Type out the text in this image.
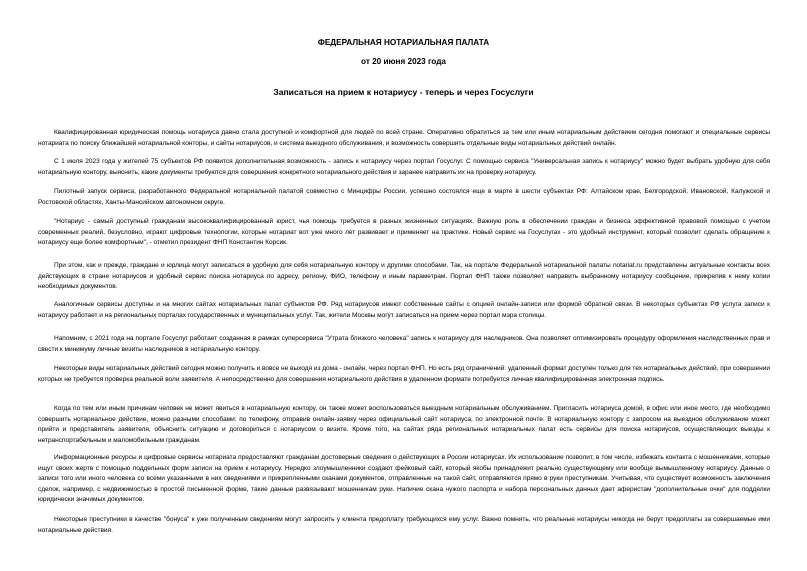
ФЕДЕРАЛЬНАЯ НОТАРИАЛЬНАЯ ПАЛАТА
от 20 июня 2023 года
Записаться на прием к нотариусу - теперь и через Госуслуги

Квалифицированная юридическая помощь нотариуса давно стала доступной и комфортной для людей по всей стране. Оперативно обратиться за тем или иным нотариальным действием сегодня помогают и специальные сервисы нотариата по поиску ближайшей нотариальной конторы, и сайты нотариусов, и система выездного обслуживания, и возможность совершить отдельные виды нотариальных действий онлайн.

С 1 июля 2023 года у жителей 75 субъектов РФ появится дополнительная возможность - запись к нотариусу через портал Госуслуг. С помощью сервиса "Универсальная запись к нотариусу" можно будет выбрать удобную для себя нотариальную контору, выяснить, какие документы требуются для совершения конкретного нотариального действия и заранее направить их на проверку нотариусу.

Пилотный запуск сервиса, разработанного Федеральной нотариальной палатой совместно с Минцифры России, успешно состоялся еще в марте в шести субъектах РФ: Алтайском крае, Белгородской, Ивановской, Калужской и Ростовской областях, Ханты-Мансийском автономном округе.

"Нотариус - самый доступный гражданам высококвалифицированный юрист, чья помощь требуется в разных жизненных ситуациях. Важную роль в обеспечении граждан и бизнеса эффективной правовой помощью с учетом современных реалий, безусловно, играют цифровые технологии, которые нотариат вот уже много лет развивает и применяет на практике. Новый сервис на Госуслугах - это удобный инструмент, который позволит сделать обращение к нотариусу еще более комфортным", - отметил президент ФНП Константин Корсик.

При этом, как и прежде, граждане и юрлица могут записаться в удобную для себя нотариальную контору и другими способами. Так, на портале Федеральной нотариальной палаты notariat.ru представлены актуальные контакты всех действующих в стране нотариусов и удобный сервис поиска нотариуса по адресу, региону, ФИО, телефону и иным параметрам. Портал ФНП также позволяет направить выбранному нотариусу сообщение, прикрепив к нему копии необходимых документов.

Аналогичные сервисы доступны и на многих сайтах нотариальных палат субъектов РФ. Ряд нотариусов имеют собственные сайты с опцией онлайн-записи или формой обратной связи. В некоторых субъектах РФ услуга записи к нотариусу работает и на региональных порталах государственных и муниципальных услуг. Так, жители Москвы могут записаться на прием через портал мэра столицы.

Напомним, с 2021 года на портале Госуслуг работает созданная в рамках суперсервиса "Утрата близкого человека" запись к нотариусу для наследников. Она позволяет оптимизировать процедуру оформления наследственных прав и свести к минимуму личные визиты наследников в нотариальную контору.

Некоторые виды нотариальных действий сегодня можно получить и вовсе не выходя из дома - онлайн, через портал ФНП. Но есть ряд ограничений: удаленный формат доступен только для тех нотариальных действий, при совершении которых не требуется проверка реальной воли заявителя. А непосредственно для совершения нотариального действия в удаленном формате потребуется личная квалифицированная электронная подпись.

Когда по тем или иным причинам человек не может явиться в нотариальную контору, он также может воспользоваться выездным нотариальным обслуживанием. Пригласить нотариуса домой, в офис или иное место, где необходимо совершить нотариальное действие, можно разными способами: по телефону, отправив онлайн-заявку через официальный сайт нотариуса, по электронной почте. В нотариальную контору с запросом на выездное обслуживание может прийти и представитель заявителя, объяснить ситуацию и договориться с нотариусом о визите. Кроме того, на сайтах ряда региональных нотариальных палат есть сервисы для поиска нотариусов, осуществляющих выезды к нетранспортабельным и маломобильным гражданам.

Информационные ресурсы и цифровые сервисы нотариата предоставляют гражданам достоверные сведения о действующих в России нотариусах. Их использование позволит, в том числе, избежать контакта с мошенниками, которые ищут своих жертв с помощью поддельных форм записи на прием к нотариусу. Нередко злоумышленники создают фейковый сайт, который якобы принадлежит реально существующему или вообще вымышленному нотариусу. Данные о записи того или иного человека со всеми указанными в них сведениями и прикрепленными сканами документов, отправленные на такой сайт, отправляются прямо в руки преступникам. Учитывая, что существует возможность заключения сделок, например, с недвижимостью в простой письменной форме, такие данные развязывают мошенникам руки. Наличие скана чужого паспорта и набора персональных данных дает аферистам "дополнительные очки" для подделки юридически значимых документов.

Некоторые преступники в качестве "бонуса" к уже полученным сведениям могут запросить у клиента предоплату требующихся ему услуг. Важно помнить, что реальные нотариусы никогда не берут предоплаты за совершаемые ими нотариальные действия.
